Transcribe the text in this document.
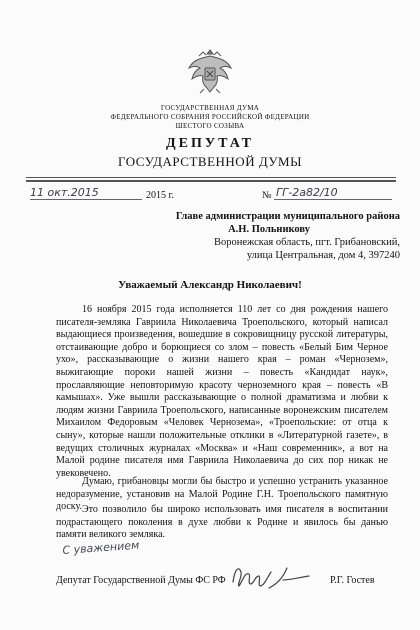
ГОСУДАРСТВЕННАЯ ДУМА
ФЕДЕРАЛЬНОГО СОБРАНИЯ РОССИЙСКОЙ ФЕДЕРАЦИИ
ШЕСТОГО СОЗЫВА
ДЕПУТАТ
ГОСУДАРСТВЕННОЙ ДУМЫ
11 окт.2015	2015 г.	№ ГГ-2а82/10
Главе администрации муниципального района
А.Н. Польникову
Воронежская область, пгт. Грибановский,
улица Центральная, дом 4, 397240
Уважаемый Александр Николаевич!

16 ноября 2015 года исполняется 110 лет со дня рождения нашего писателя-земляка Гавриила Николаевича Троепольского, который написал выдающиеся произведения, вошедшие в сокровищницу русской литературы, отстаивающие добро и борющиеся со злом – повесть «Белый Бим Черное ухо», рассказывающие о жизни нашего края – роман «Чернозем», выжигающие пороки нашей жизни – повесть «Кандидат наук», прославляющие неповторимую красоту черноземного края – повесть «В камышах». Уже вышли рассказывающие о полной драматизма и любви к людям жизни Гавриила Троепольского, написанные воронежским писателем Михаилом Федоровым «Человек Чернозема», «Троепольские: от отца к сыну», которые нашли положительные отклики в «Литературной газете», в ведущих столичных журналах «Москва» и «Наш современник», а вот на Малой родине писателя имя Гавриила Николаевича до сих пор никак не увековечено.

Думаю, грибановцы могли бы быстро и успешно устранить указанное недоразумение, установив на Малой Родине Г.Н. Троепольского памятную доску. Это позволило бы широко использовать имя писателя в воспитании подрастающего поколения в духе любви к Родине и явилось бы данью памяти великого земляка.

С уважением
Депутат Государственной Думы ФС РФ	Р.Г. Гостев
